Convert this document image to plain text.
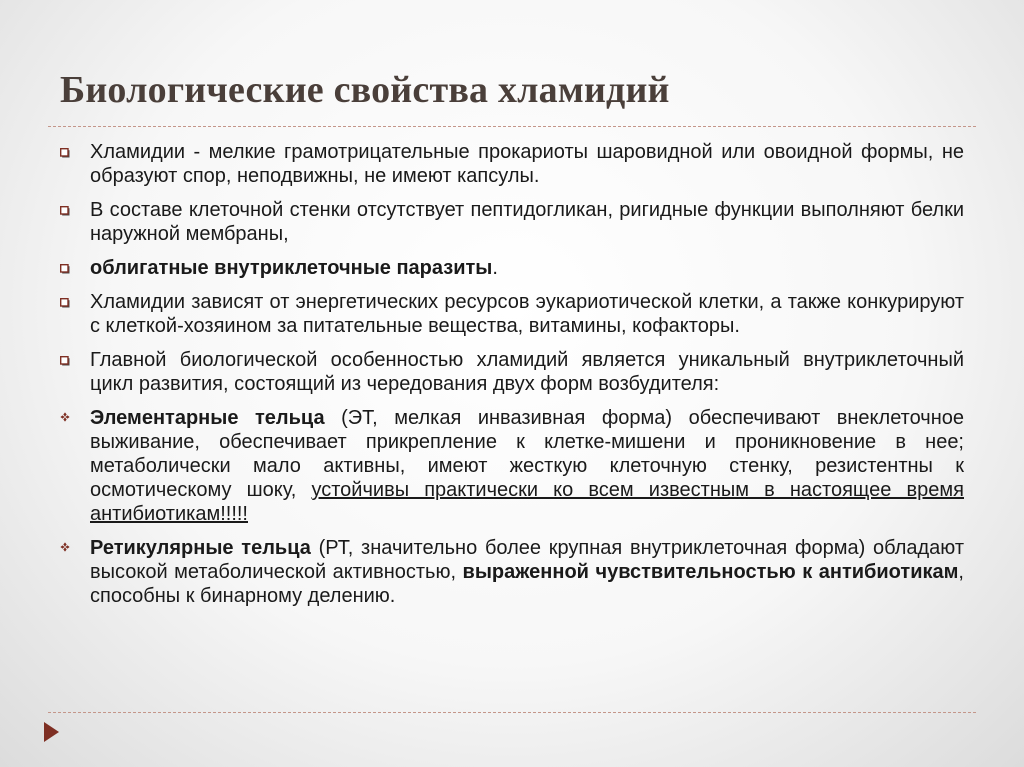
Биологические свойства хламидий

Хламидии - мелкие грамотрицательные прокариоты шаровидной или овоидной формы, не образуют спор, неподвижны, не имеют капсулы.

В составе клеточной стенки отсутствует пептидогликан, ригидные функции выполняют белки наружной мембраны,

облигатные внутриклеточные паразиты.

Хламидии зависят от энергетических ресурсов эукариотической клетки, а также конкурируют с клеткой-хозяином за питательные вещества, витамины, кофакторы.

Главной биологической особенностью хламидий является уникальный внутриклеточный цикл развития, состоящий из чередования двух форм возбудителя:

Элементарные тельца (ЭТ, мелкая инвазивная форма) обеспечивают внеклеточное выживание, обеспечивает прикрепление к клетке-мишени и проникновение в нее; метаболически мало активны, имеют жесткую клеточную стенку, резистентны к осмотическому шоку, устойчивы практически ко всем известным в настоящее время антибиотикам!!!!!

Ретикулярные тельца (РТ, значительно более крупная внутриклеточная форма) обладают высокой метаболической активностью, выраженной чувствительностью к антибиотикам, способны к бинарному делению.
